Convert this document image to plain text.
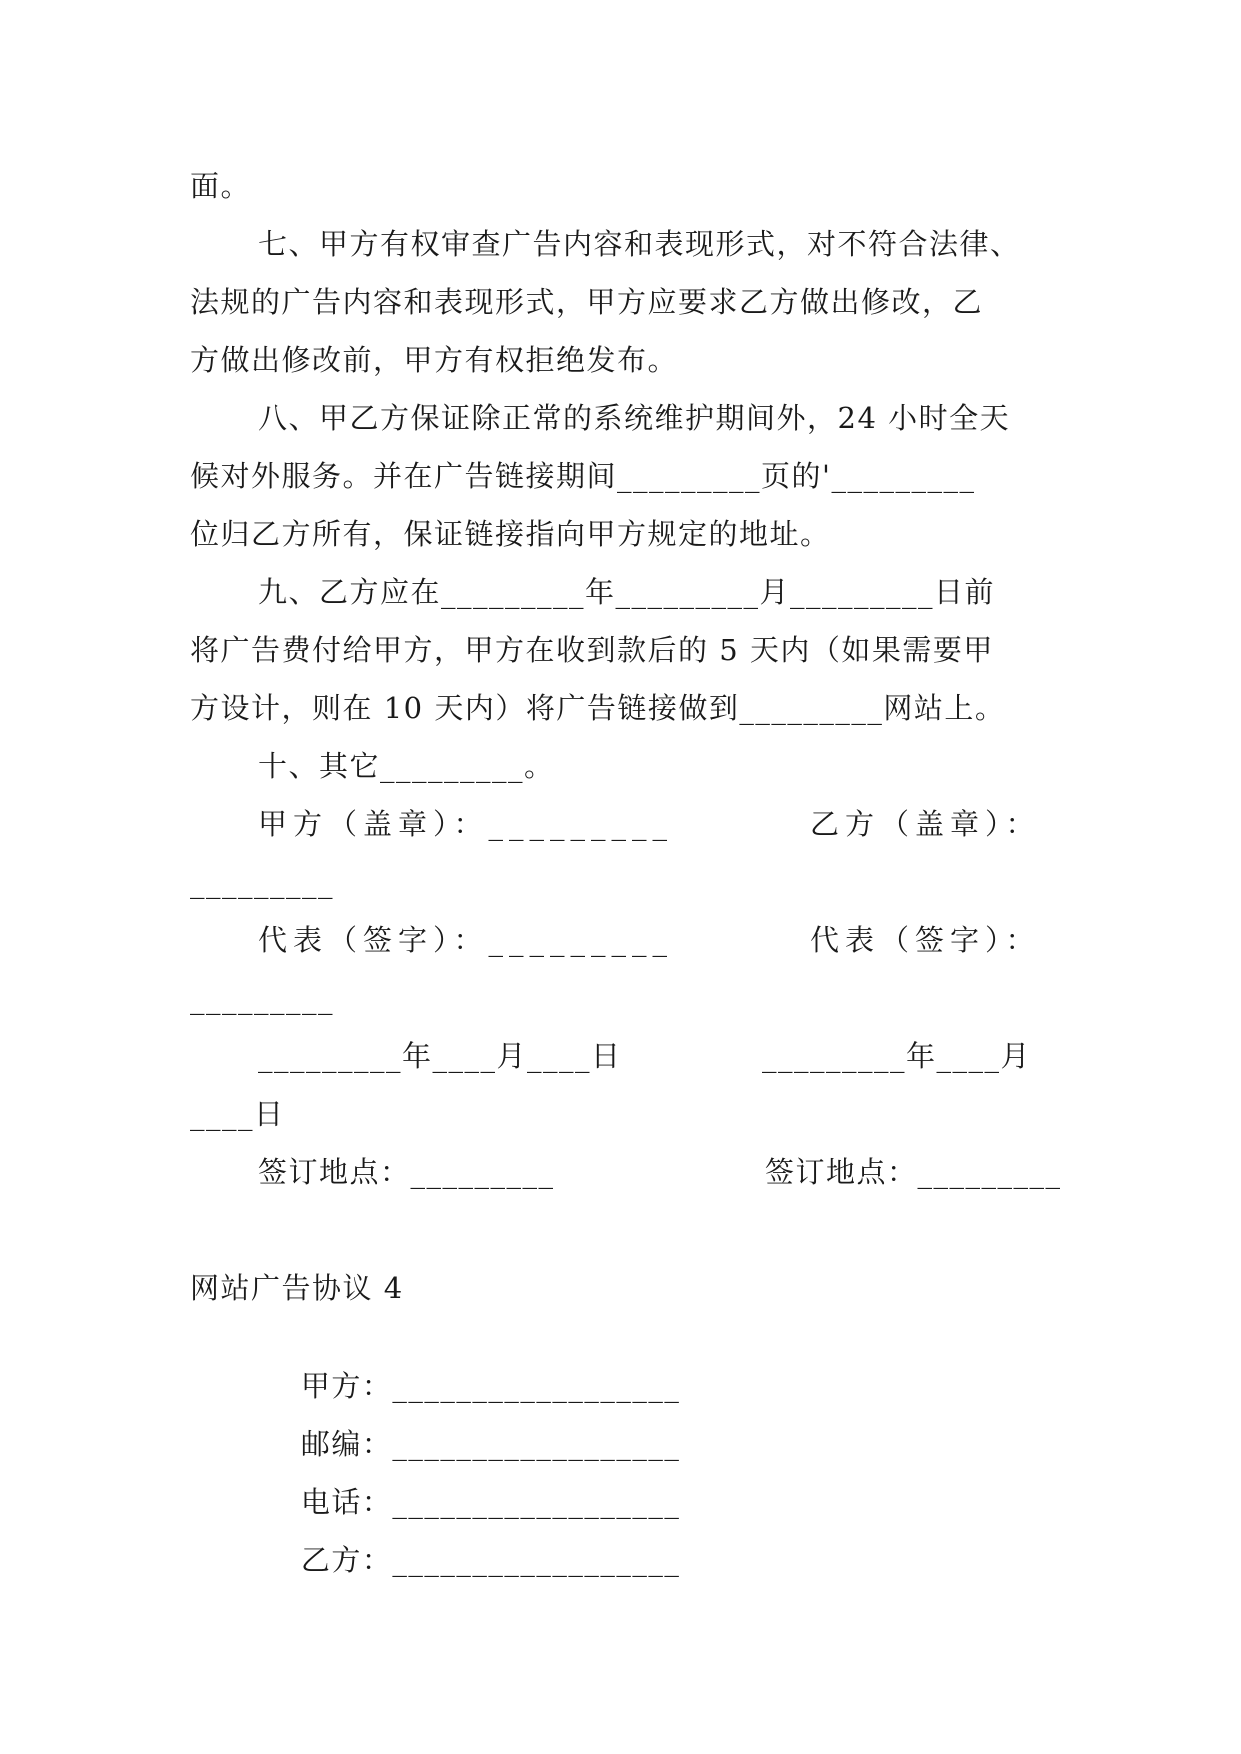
面。
七、甲方有权审查广告内容和表现形式，对不符合法律、
法规的广告内容和表现形式，甲方应要求乙方做出修改，乙
方做出修改前，甲方有权拒绝发布。
八、甲乙方保证除正常的系统维护期间外，24 小时全天
候对外服务。并在广告链接期间_________页的'_________
位归乙方所有，保证链接指向甲方规定的地址。
九、乙方应在_________年_________月_________日前
将广告费付给甲方，甲方在收到款后的 5 天内（如果需要甲
方设计，则在 10 天内）将广告链接做到_________网站上。
十、其它_________。
甲方（盖章）：_________	乙方（盖章）：
_________
代表（签字）：_________	代表（签字）：
_________
_________年____月____日	_________年____月
____日
签订地点：_________	签订地点：_________
网站广告协议 4

甲方：__________________

邮编：__________________

电话：__________________

乙方：__________________
